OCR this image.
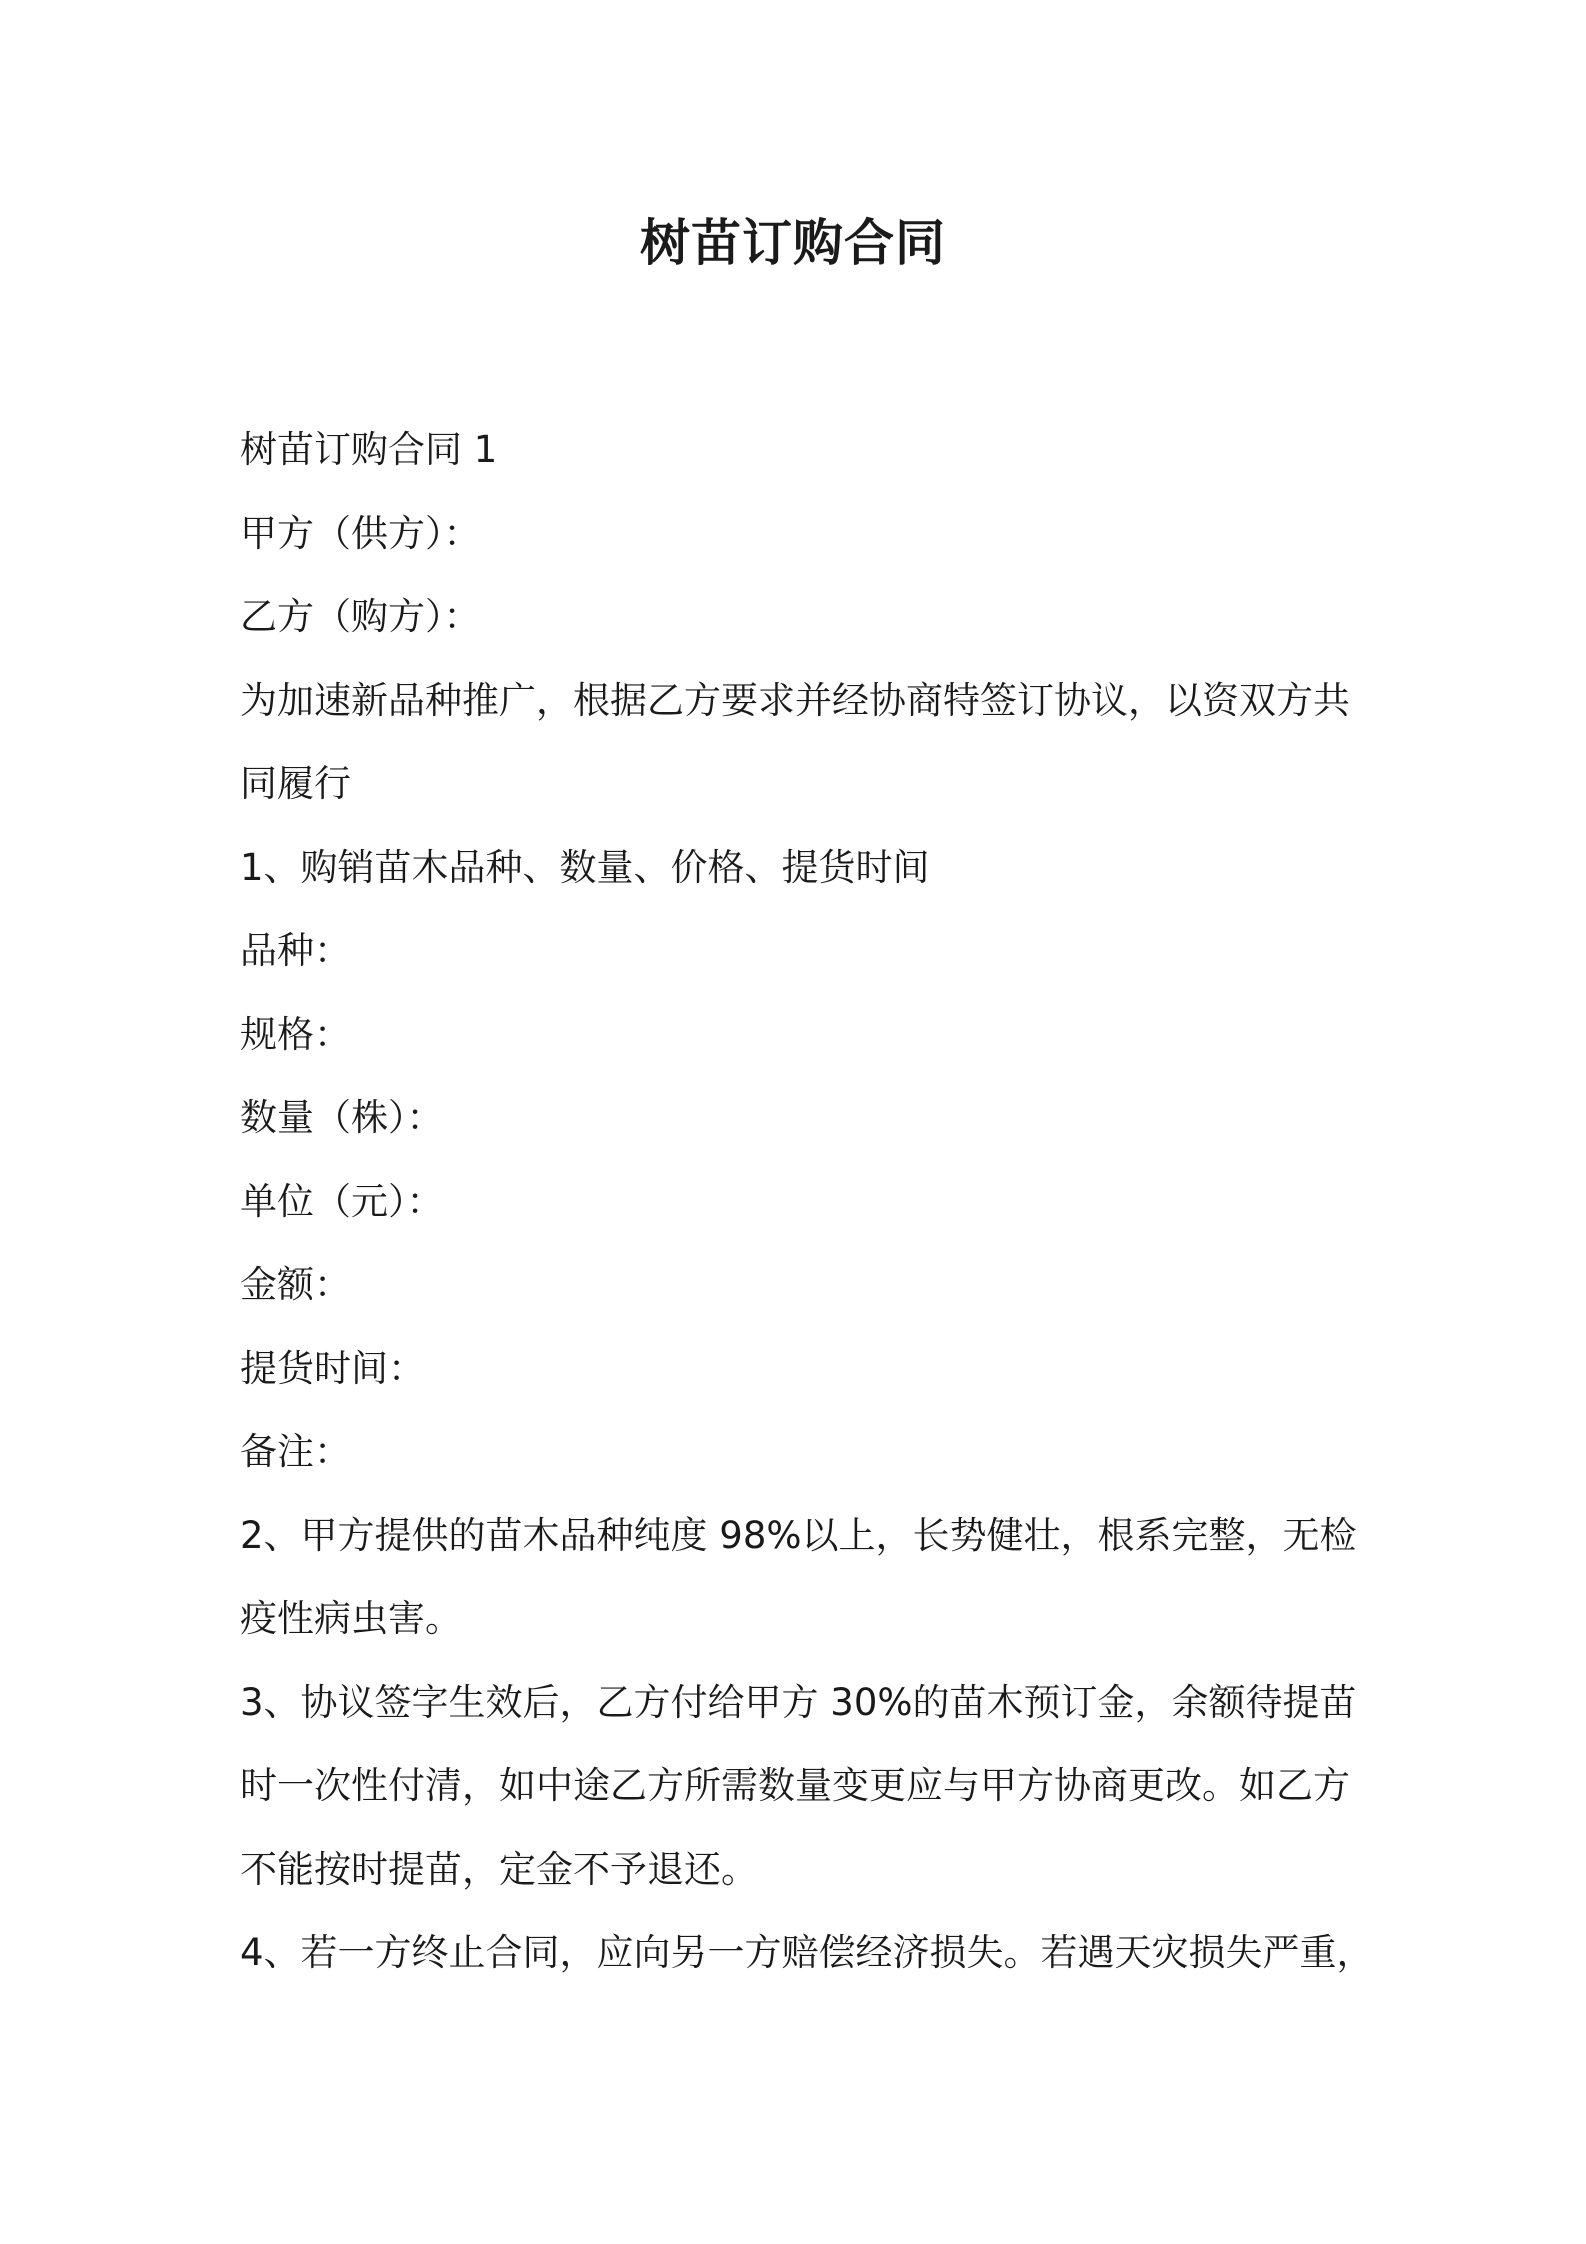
树苗订购合同
树苗订购合同 1
甲方（供方）：
乙方（购方）：
为加速新品种推广，根据乙方要求并经协商特签订协议，以资双方共
同履行
1、购销苗木品种、数量、价格、提货时间
品种：
规格：
数量（株）：
单位（元）：
金额：
提货时间：
备注：
2、甲方提供的苗木品种纯度 98%以上，长势健壮，根系完整，无检
疫性病虫害。
3、协议签字生效后，乙方付给甲方 30%的苗木预订金，余额待提苗
时一次性付清，如中途乙方所需数量变更应与甲方协商更改。如乙方
不能按时提苗，定金不予退还。
4、若一方终止合同，应向另一方赔偿经济损失。若遇天灾损失严重，
